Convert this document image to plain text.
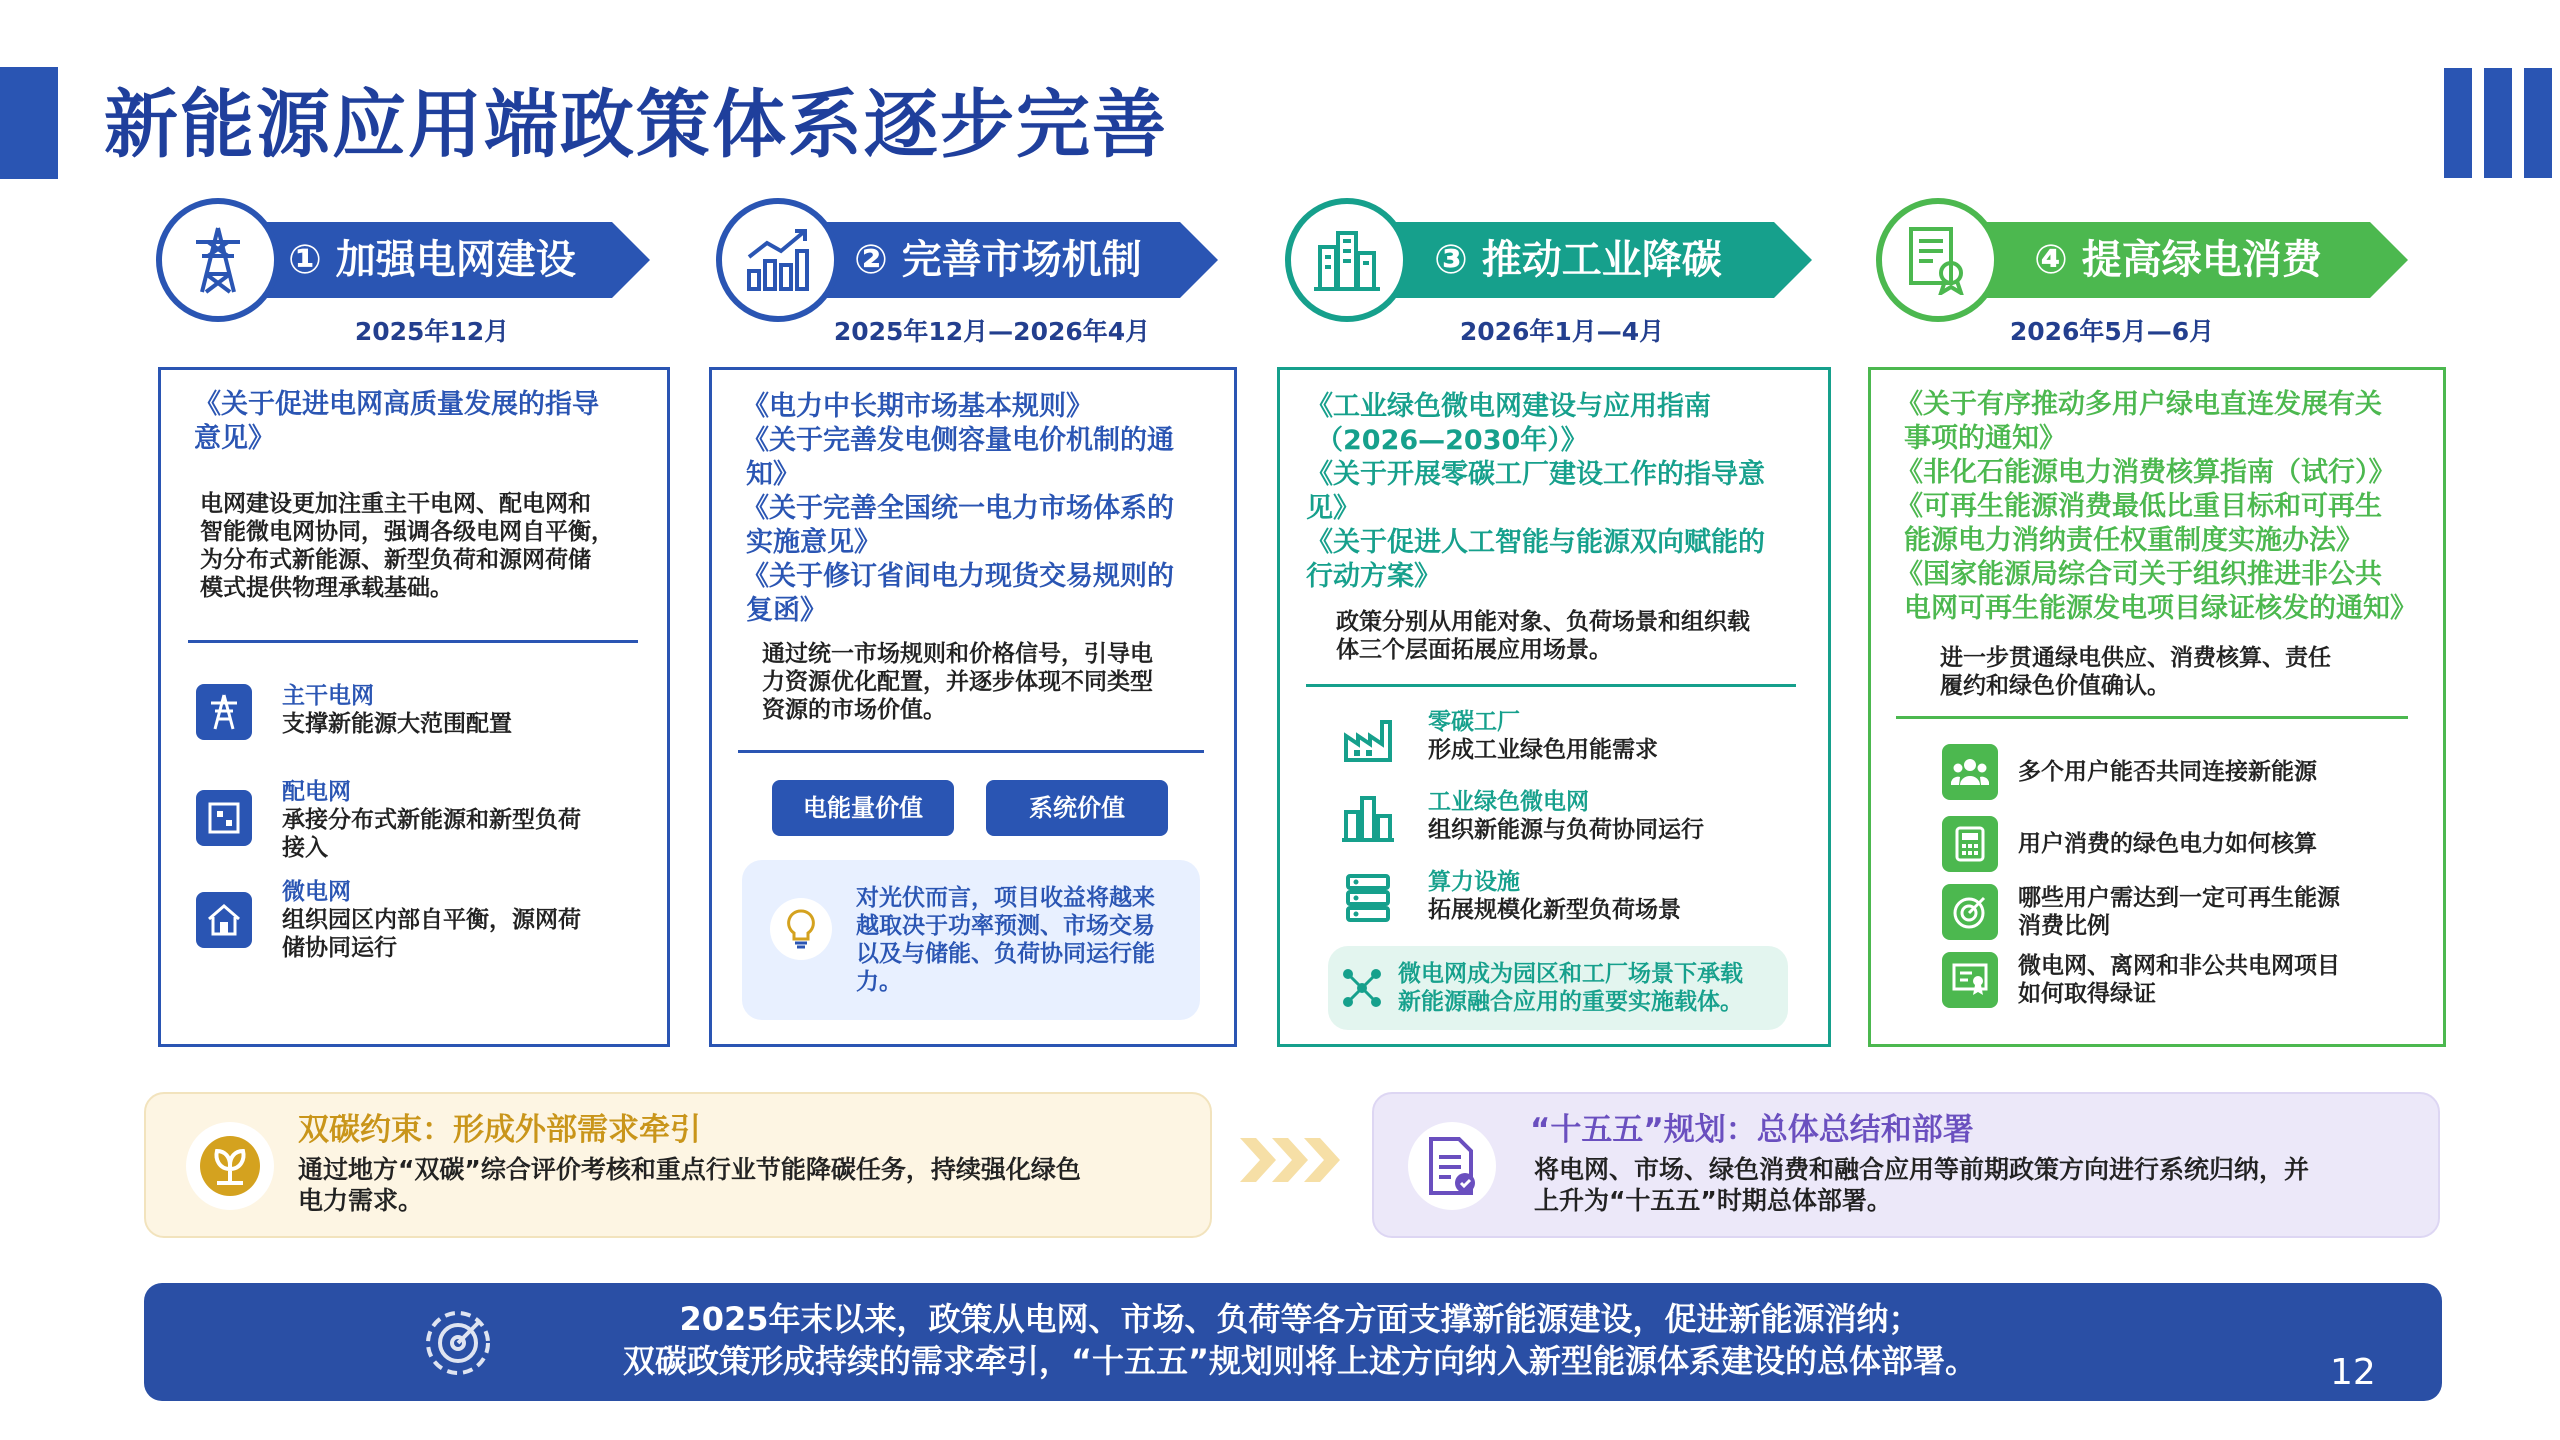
新能源应用端政策体系逐步完善
① 加强电网建设
2025年12月
《关于促进电网高质量发展的指导
意见》
电网建设更加注重主干电网、配电网和
智能微电网协同，强调各级电网自平衡，
为分布式新能源、新型负荷和源网荷储
模式提供物理承载基础。
主干电网
支撑新能源大范围配置
配电网
承接分布式新能源和新型负荷
接入
微电网
组织园区内部自平衡，源网荷
储协同运行
② 完善市场机制
2025年12月—2026年4月
《电力中长期市场基本规则》
《关于完善发电侧容量电价机制的通
知》
《关于完善全国统一电力市场体系的
实施意见》
《关于修订省间电力现货交易规则的
复函》
通过统一市场规则和价格信号，引导电
力资源优化配置，并逐步体现不同类型
资源的市场价值。
电能量价值	系统价值
对光伏而言，项目收益将越来
越取决于功率预测、市场交易
以及与储能、负荷协同运行能
力。
③ 推动工业降碳
2026年1月—4月
《工业绿色微电网建设与应用指南
（2026—2030年）》
《关于开展零碳工厂建设工作的指导意
见》
《关于促进人工智能与能源双向赋能的
行动方案》
政策分别从用能对象、负荷场景和组织载
体三个层面拓展应用场景。
零碳工厂
形成工业绿色用能需求
工业绿色微电网
组织新能源与负荷协同运行
算力设施
拓展规模化新型负荷场景
微电网成为园区和工厂场景下承载
新能源融合应用的重要实施载体。
④ 提高绿电消费
2026年5月—6月
《关于有序推动多用户绿电直连发展有关
事项的通知》
《非化石能源电力消费核算指南（试行）》
《可再生能源消费最低比重目标和可再生
能源电力消纳责任权重制度实施办法》
《国家能源局综合司关于组织推进非公共
电网可再生能源发电项目绿证核发的通知》
进一步贯通绿电供应、消费核算、责任
履约和绿色价值确认。
多个用户能否共同连接新能源
用户消费的绿色电力如何核算
哪些用户需达到一定可再生能源
消费比例
微电网、离网和非公共电网项目
如何取得绿证
双碳约束：形成外部需求牵引
通过地方“双碳”综合评价考核和重点行业节能降碳任务，持续强化绿色
电力需求。
“十五五”规划：总体总结和部署
将电网、市场、绿色消费和融合应用等前期政策方向进行系统归纳，并
上升为“十五五”时期总体部署。
2025年末以来，政策从电网、市场、负荷等各方面支撑新能源建设，促进新能源消纳；
双碳政策形成持续的需求牵引，“十五五”规划则将上述方向纳入新型能源体系建设的总体部署。	12
